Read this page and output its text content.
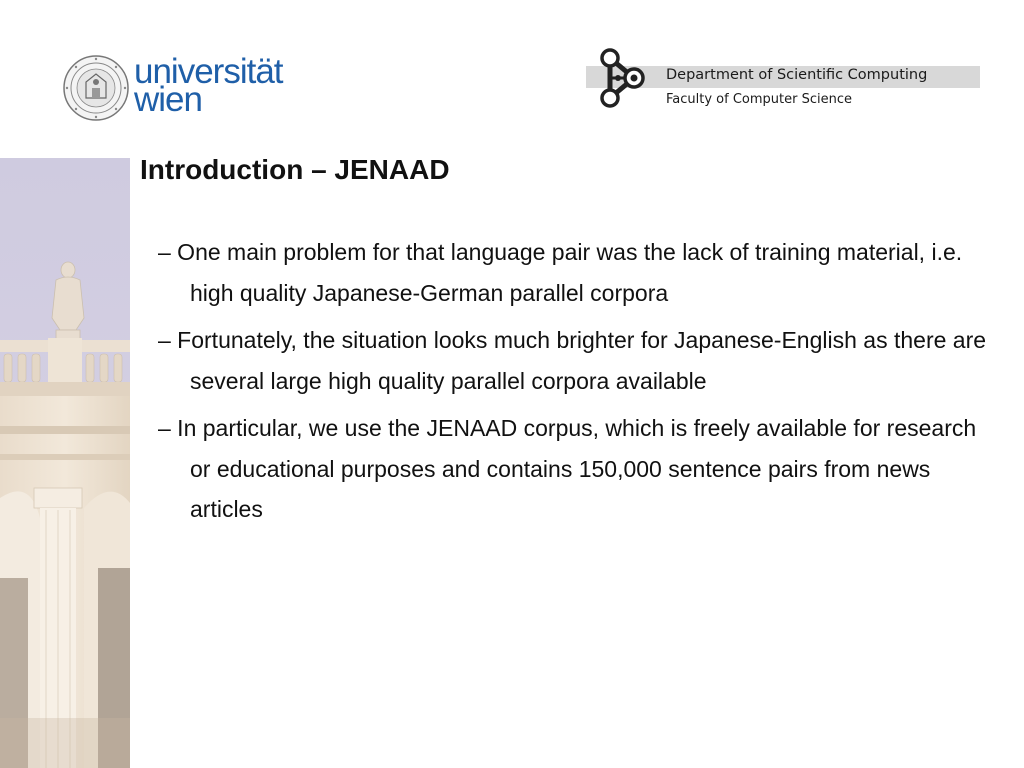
universität
wien
Department of Scientific Computing
Faculty of Computer Science
Introduction – JENAAD
– One main problem for that language pair was the lack of training material, i.e. high quality Japanese-German parallel corpora
– Fortunately, the situation looks much brighter for Japanese-English as there are several large high quality parallel corpora available
– In particular, we use the JENAAD corpus, which is freely available for research or educational purposes and contains 150,000 sentence pairs from news articles
